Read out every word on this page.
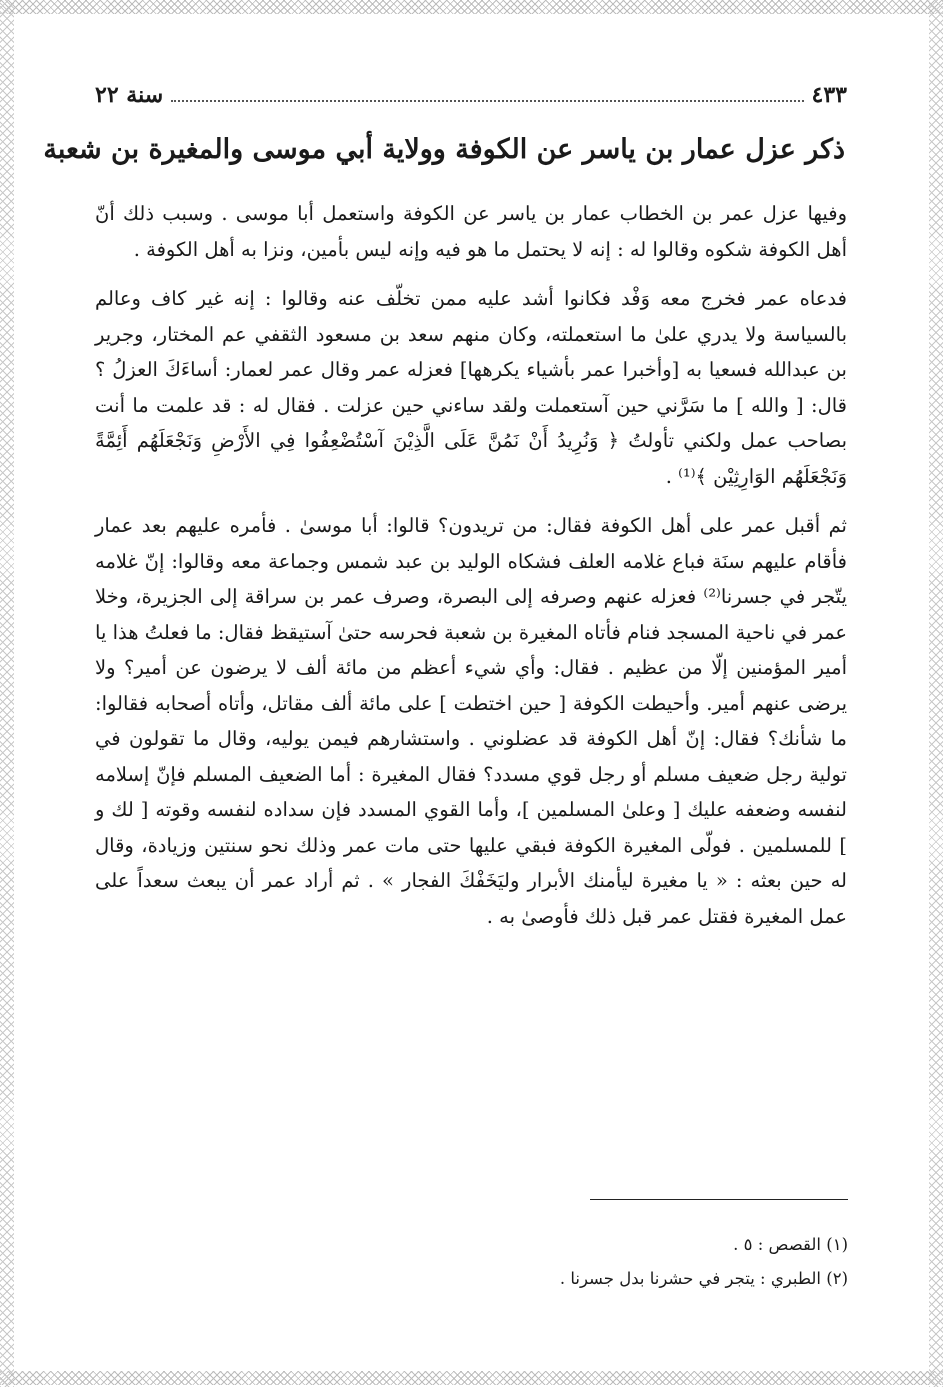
سنة ٢٢	٤٣٣
ذكر عزل عمار بن ياسر عن الكوفة وولاية أبي موسى والمغيرة بن شعبة

وفيها عزل عمر بن الخطاب عمار بن ياسر عن الكوفة واستعمل أبا موسى . وسبب ذلك أنّ أهل الكوفة شكوه وقالوا له : إنه لا يحتمل ما هو فيه وإنه ليس بأمين، ونزا به أهل الكوفة .

فدعاه عمر فخرج معه وَفْد فكانوا أشد عليه ممن تخلّف عنه وقالوا : إنه غير كاف وعالم بالسياسة ولا يدري علىٰ ما استعملته، وكان منهم سعد بن مسعود الثقفي عم المختار، وجرير بن عبدالله فسعيا به [وأخبرا عمر بأشياء يكرهها] فعزله عمر وقال عمر لعمار: أساءَكَ العزلُ ؟ قال: [ والله ] ما سَرَّني حين آستعملت ولقد ساءني حين عزلت . فقال له : قد علمت ما أنت بصاحب عمل ولكني تأولتُ ﴿ وَنُرِيدُ أَنْ نَمُنَّ عَلَى الَّذِيْنَ آسْتُضْعِفُوا فِي الأَرْضِ وَنَجْعَلَهُم أَئِمَّةً وَنَجْعَلَهُم الوَارِثِيْن ﴾⁽¹⁾ .

ثم أقبل عمر على أهل الكوفة فقال: من تريدون؟ قالوا: أبا موسىٰ . فأمره عليهم بعد عمار فأقام عليهم سنَة فباع غلامه العلف فشكاه الوليد بن عبد شمس وجماعة معه وقالوا: إنّ غلامه يتّجر في جسرنا⁽²⁾ فعزله عنهم وصرفه إلى البصرة، وصرف عمر بن سراقة إلى الجزيرة، وخلا عمر في ناحية المسجد فنام فأتاه المغيرة بن شعبة فحرسه حتىٰ آستيقظ فقال: ما فعلتُ هذا يا أمير المؤمنين إلّا من عظيم . فقال: وأي شيء أعظم من مائة ألف لا يرضون عن أمير؟ ولا يرضى عنهم أمير. وأحيطت الكوفة [ حين اختطت ] على مائة ألف مقاتل، وأتاه أصحابه فقالوا: ما شأنك؟ فقال: إنّ أهل الكوفة قد عضلوني . واستشارهم فيمن يوليه، وقال ما تقولون في تولية رجل ضعيف مسلم أو رجل قوي مسدد؟ فقال المغيرة : أما الضعيف المسلم فإنّ إسلامه لنفسه وضعفه عليك [ وعلىٰ المسلمين ]، وأما القوي المسدد فإن سداده لنفسه وقوته [ لك و ] للمسلمين . فولّى المغيرة الكوفة فبقي عليها حتى مات عمر وذلك نحو سنتين وزيادة، وقال له حين بعثه : « يا مغيرة ليأمنك الأبرار وليَخَفْكَ الفجار » . ثم أراد عمر أن يبعث سعداً على عمل المغيرة فقتل عمر قبل ذلك فأوصىٰ به .

(١) القصص : ٥ .

(٢) الطبري : يتجر في حشرنا بدل جسرنا .
